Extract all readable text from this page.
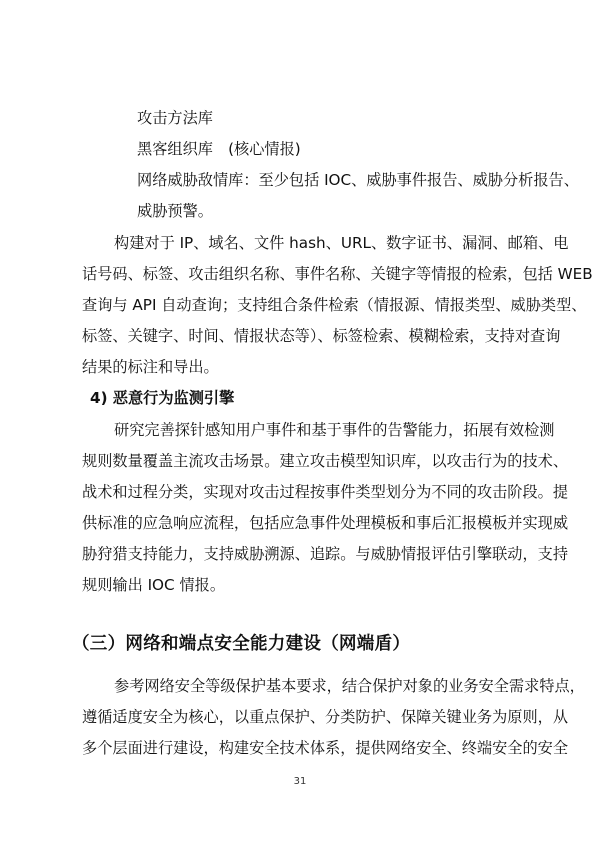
攻击方法库
黑客组织库　(核心情报)
网络威胁敌情库：至少包括 IOC、威胁事件报告、威胁分析报告、
威胁预警。
构建对于 IP、域名、文件 hash、URL、数字证书、漏洞、邮箱、电
话号码、标签、攻击组织名称、事件名称、关键字等情报的检索，包括 WEB
查询与 API 自动查询；支持组合条件检索（情报源、情报类型、威胁类型、
标签、关键字、时间、情报状态等）、标签检索、模糊检索，支持对查询
结果的标注和导出。
4) 恶意行为监测引擎
研究完善探针感知用户事件和基于事件的告警能力，拓展有效检测
规则数量覆盖主流攻击场景。建立攻击模型知识库，以攻击行为的技术、
战术和过程分类，实现对攻击过程按事件类型划分为不同的攻击阶段。提
供标准的应急响应流程，包括应急事件处理模板和事后汇报模板并实现威
胁狩猎支持能力，支持威胁溯源、追踪。与威胁情报评估引擎联动，支持
规则输出 IOC 情报。
（三）网络和端点安全能力建设（网端盾）
参考网络安全等级保护基本要求，结合保护对象的业务安全需求特点，
遵循适度安全为核心，以重点保护、分类防护、保障关键业务为原则，从
多个层面进行建设，构建安全技术体系，提供网络安全、终端安全的安全
31
